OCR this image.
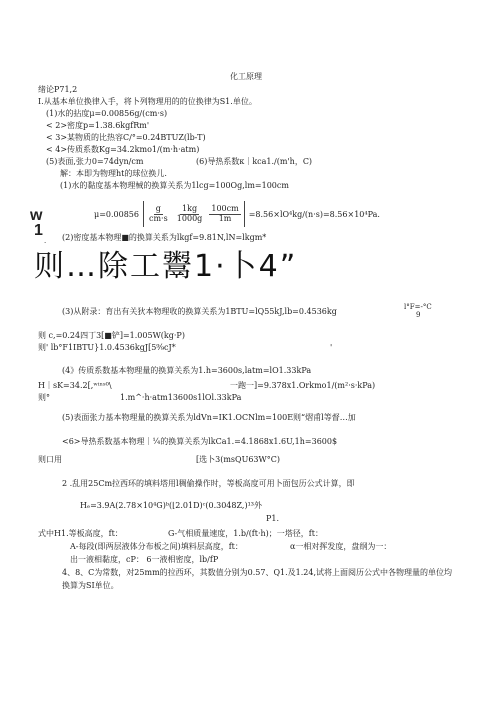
化工原理
绪论P71,2
Ⅰ.从基本单位换律入手，将卜列物理用的的位换律为S1.单位。
(1)水的拈度μ=0.00856g∕(cm·s)
< 2>密度p=1.38.6kgfRm'
< 3>某物质的比热容C∕°=0.24BTUZ(lb-T)
< 4>传质系数Kg=34.2kmo1∕(m·h·atm)
(5)表面,张力0=74dyn/cm	(6)导热系数κ｜kca1.∕(m'h，C)
解：本即为物理ht的球位换儿.
(1)水的黏度基本物理械的换算关系为1lcg=100Og,lm=100cm
w
1
.
μ=0.00856
g
cm·s

1kg
1000g

100cm
1m =8.56×lO⁴kg∕(n·s)=8.56×10⁴Pa.
(2)密度基本物理■的换算关系为lkgf=9.81N,lN=lkgm*
则…除工鬻1·卜4”
(3)从附录：育出有关狄本物理收的换算关系为1BTU=lQ55kJ,lb=0.4536kg	l°F=-°C
9
则 c,=0.24四丁3[■铲]=1.005W(kg·P)
则' lb°F1IBTU}1.0.4536kgJ[5⁹⁄₉cJ*	'
(4》传质系数基本物理量的换算关系为1.h=3600s,latm=lO1.33kPa
H｜sK=34.2[,ʷⁱⁿˢ⁰\	一跑一]=9.378x1.Orkmo1∕(m²·s·kPa)
则°	1.m^·h·atm13600s1lOl.33kPa
(5)表面张力基本物理量的换算关系为ldVn=IK1.OCNlm=100E则“熠甫l等督…加
<6>导热系数基本物理｜¼的换算关系为lkCa1.=4.1868x1.6U,1h=3600$
则口用	[选卜3(msQU63W°C)
2 .乱用25Cm拉西环的填料塔用l稠偷操作时，等板高度可用卜面包历公式计算，即
Hₑ=3.9A(2.78×10⁴G)ᵇ(⌊2.01D)ᶜ(0.3048Z,)¹³外
P1.
式中H1.等板高度，ft：	G-气相质量速度，1.b∕(ft·h)；一塔径，ft：
A-每段(即两层液体分布板之间)填料层高度，ft：	α一相对挥发度，盘纲为一：
出一液相黏度，cP： 6一液相密度，lb∕fP
4、8、C为常数，对25mm的拉西环，其数值分别为0.57、Q1.及1.24,试将上面阅历公式中各物理量的单位均
换算为SI单位。
